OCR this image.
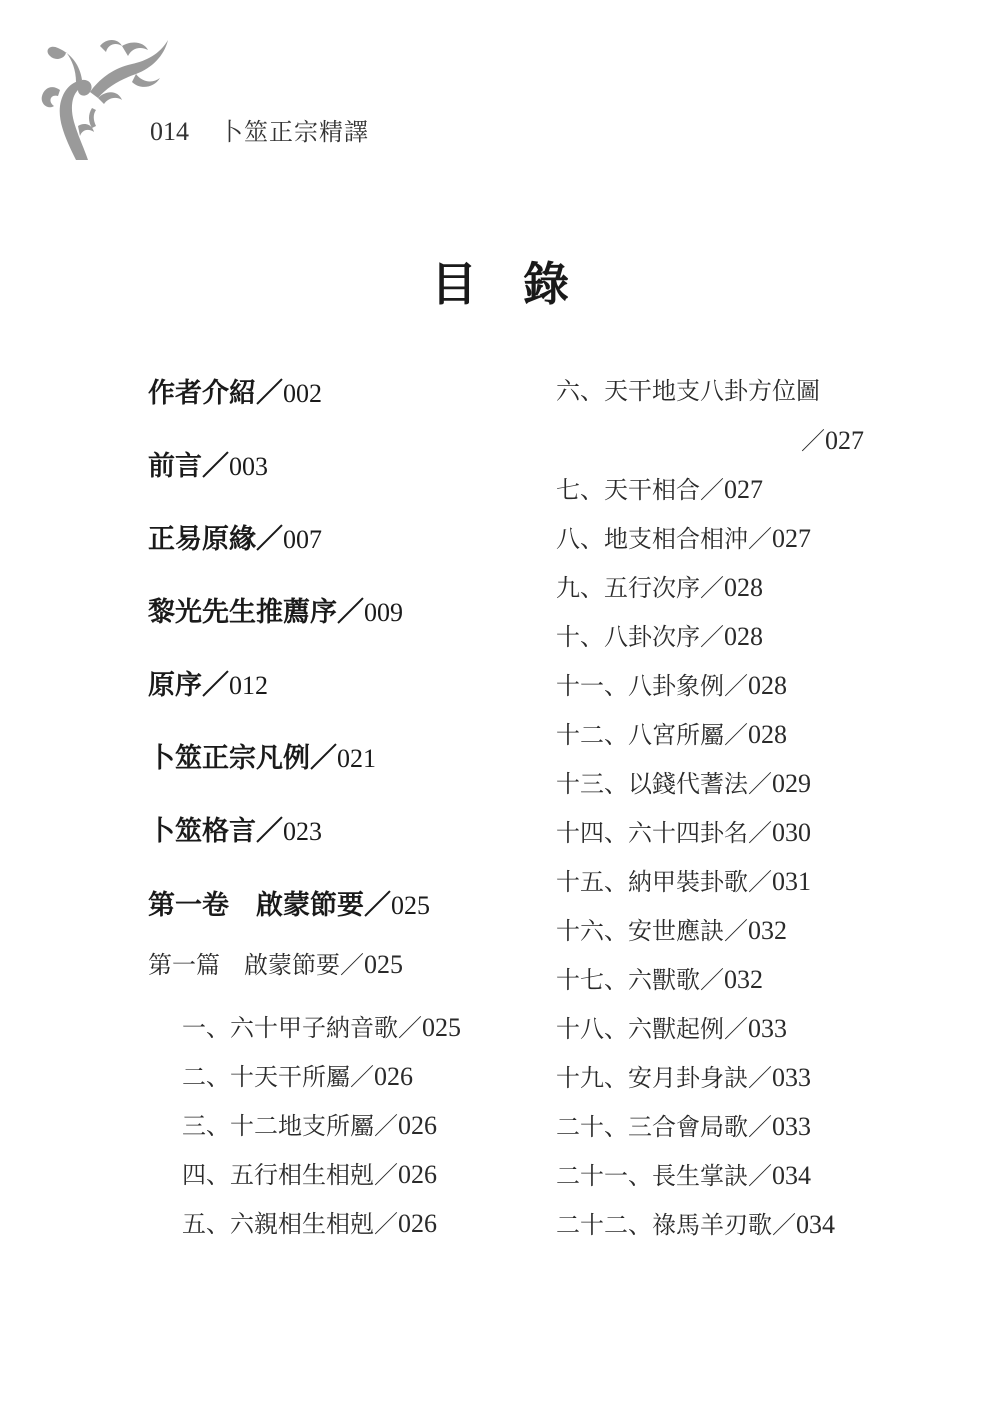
014 卜筮正宗精譯
目錄
作者介紹／002
前言／003
正易原緣／007
黎光先生推薦序／009
原序／012
卜筮正宗凡例／021
卜筮格言／023
第一卷　啟蒙節要／025
第一篇　啟蒙節要／025
一、六十甲子納音歌／025
二、十天干所屬／026
三、十二地支所屬／026
四、五行相生相剋／026
五、六親相生相剋／026
六、天干地支八卦方位圖
／027
七、天干相合／027
八、地支相合相沖／027
九、五行次序／028
十、八卦次序／028
十一、八卦象例／028
十二、八宮所屬／028
十三、以錢代蓍法／029
十四、六十四卦名／030
十五、納甲裝卦歌／031
十六、安世應訣／032
十七、六獸歌／032
十八、六獸起例／033
十九、安月卦身訣／033
二十、三合會局歌／033
二十一、長生掌訣／034
二十二、祿馬羊刃歌／034
